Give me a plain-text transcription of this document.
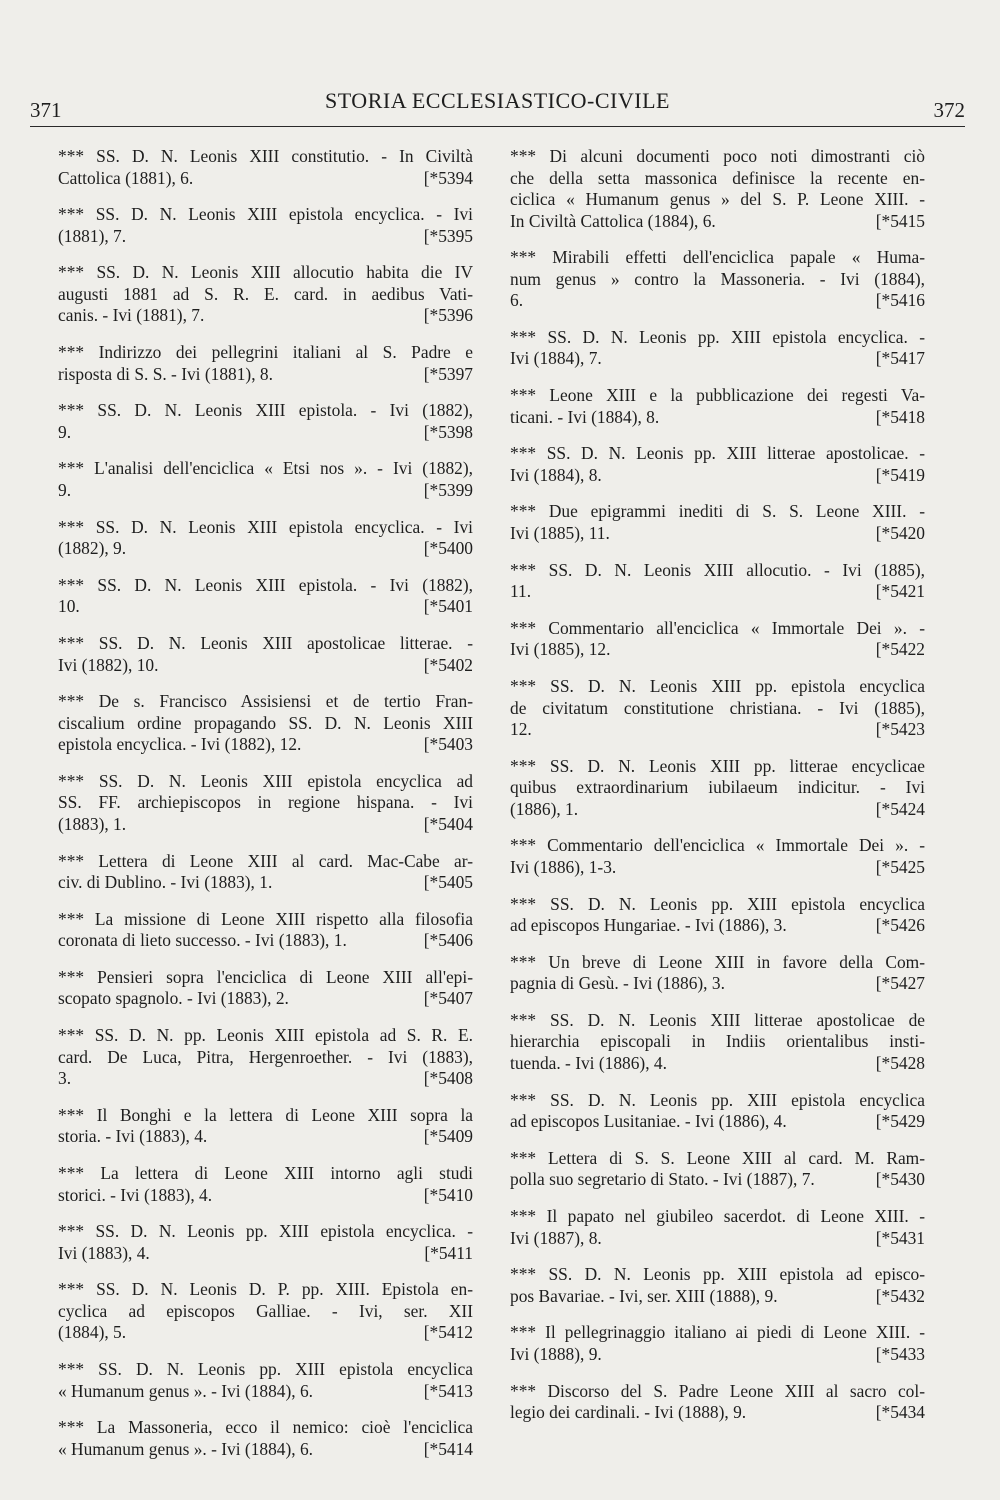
371	STORIA ECCLESIASTICO-CIVILE	372
*** SS. D. N. Leonis XIII constitutio. - In Civiltà
[*5394
Cattolica (1881), 6.
*** SS. D. N. Leonis XIII epistola encyclica. - Ivi
[*5395
(1881), 7.
*** SS. D. N. Leonis XIII allocutio habita die IV
augusti 1881 ad S. R. E. card. in aedibus Vati-
[*5396
canis. - Ivi (1881), 7.
*** Indirizzo dei pellegrini italiani al S. Padre e
[*5397
risposta di S. S. - Ivi (1881), 8.
*** SS. D. N. Leonis XIII epistola. - Ivi (1882),
[*5398
9.
*** L'analisi dell'enciclica « Etsi nos ». - Ivi (1882),
[*5399
9.
*** SS. D. N. Leonis XIII epistola encyclica. - Ivi
[*5400
(1882), 9.
*** SS. D. N. Leonis XIII epistola. - Ivi (1882),
[*5401
10.
*** SS. D. N. Leonis XIII apostolicae litterae. -
[*5402
Ivi (1882), 10.
*** De s. Francisco Assisiensi et de tertio Fran-
ciscalium ordine propagando SS. D. N. Leonis XIII
[*5403
epistola encyclica. - Ivi (1882), 12.
*** SS. D. N. Leonis XIII epistola encyclica ad
SS. FF. archiepiscopos in regione hispana. - Ivi
[*5404
(1883), 1.
*** Lettera di Leone XIII al card. Mac-Cabe ar-
[*5405
civ. di Dublino. - Ivi (1883), 1.
*** La missione di Leone XIII rispetto alla filosofia
[*5406
coronata di lieto successo. - Ivi (1883), 1.
*** Pensieri sopra l'enciclica di Leone XIII all'epi-
[*5407
scopato spagnolo. - Ivi (1883), 2.
*** SS. D. N. pp. Leonis XIII epistola ad S. R. E.
card. De Luca, Pitra, Hergenroether. - Ivi (1883),
[*5408
3.
*** Il Bonghi e la lettera di Leone XIII sopra la
[*5409
storia. - Ivi (1883), 4.
*** La lettera di Leone XIII intorno agli studi
[*5410
storici. - Ivi (1883), 4.
*** SS. D. N. Leonis pp. XIII epistola encyclica. -
[*5411
Ivi (1883), 4.
*** SS. D. N. Leonis D. P. pp. XIII. Epistola en-
cyclica ad episcopos Galliae. - Ivi, ser. XII
[*5412
(1884), 5.
*** SS. D. N. Leonis pp. XIII epistola encyclica
[*5413
« Humanum genus ». - Ivi (1884), 6.
*** La Massoneria, ecco il nemico: cioè l'enciclica
[*5414
« Humanum genus ». - Ivi (1884), 6.
*** Di alcuni documenti poco noti dimostranti ciò
che della setta massonica definisce la recente en-
ciclica « Humanum genus » del S. P. Leone XIII. -
[*5415
In Civiltà Cattolica (1884), 6.
*** Mirabili effetti dell'enciclica papale « Huma-
num genus » contro la Massoneria. - Ivi (1884),
[*5416
6.
*** SS. D. N. Leonis pp. XIII epistola encyclica. -
[*5417
Ivi (1884), 7.
*** Leone XIII e la pubblicazione dei regesti Va-
[*5418
ticani. - Ivi (1884), 8.
*** SS. D. N. Leonis pp. XIII litterae apostolicae. -
[*5419
Ivi (1884), 8.
*** Due epigrammi inediti di S. S. Leone XIII. -
[*5420
Ivi (1885), 11.
*** SS. D. N. Leonis XIII allocutio. - Ivi (1885),
[*5421
11.
*** Commentario all'enciclica « Immortale Dei ». -
[*5422
Ivi (1885), 12.
*** SS. D. N. Leonis XIII pp. epistola encyclica
de civitatum constitutione christiana. - Ivi (1885),
[*5423
12.
*** SS. D. N. Leonis XIII pp. litterae encyclicae
quibus extraordinarium iubilaeum indicitur. - Ivi
[*5424
(1886), 1.
*** Commentario dell'enciclica « Immortale Dei ». -
[*5425
Ivi (1886), 1-3.
*** SS. D. N. Leonis pp. XIII epistola encyclica
[*5426
ad episcopos Hungariae. - Ivi (1886), 3.
*** Un breve di Leone XIII in favore della Com-
[*5427
pagnia di Gesù. - Ivi (1886), 3.
*** SS. D. N. Leonis XIII litterae apostolicae de
hierarchia episcopali in Indiis orientalibus insti-
[*5428
tuenda. - Ivi (1886), 4.
*** SS. D. N. Leonis pp. XIII epistola encyclica
[*5429
ad episcopos Lusitaniae. - Ivi (1886), 4.
*** Lettera di S. S. Leone XIII al card. M. Ram-
[*5430
polla suo segretario di Stato. - Ivi (1887), 7.
*** Il papato nel giubileo sacerdot. di Leone XIII. -
[*5431
Ivi (1887), 8.
*** SS. D. N. Leonis pp. XIII epistola ad episco-
[*5432
pos Bavariae. - Ivi, ser. XIII (1888), 9.
*** Il pellegrinaggio italiano ai piedi di Leone XIII. -
[*5433
Ivi (1888), 9.
*** Discorso del S. Padre Leone XIII al sacro col-
[*5434
legio dei cardinali. - Ivi (1888), 9.
